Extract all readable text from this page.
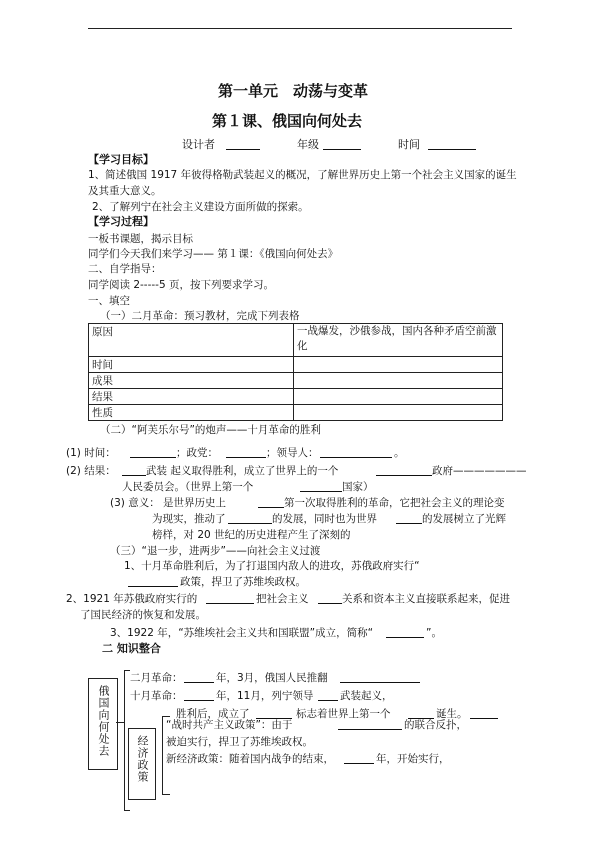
第一单元　动荡与变革
第１课、俄国向何处去
设计者	年级	时间
【学习目标】
1、简述俄国 1917 年彼得格勒武装起义的概况，了解世界历史上第一个社会主义国家的诞生
及其重大意义。
2、了解列宁在社会主义建设方面所做的探索。
【学习过程】
一板书课题，揭示目标
同学们今天我们来学习—— 第１课：《俄国向何处去》
二、自学指导：
同学阅读 2-----5 页，按下列要求学习。
一、填空
（一）二月革命：预习教材，完成下列表格
原因	一战爆发，沙俄参战，国内各种矛盾空前激化
时间	
成果	
结果	
性质	
（二）“阿芙乐尔号”的炮声——十月革命的胜利
(1) 时间：	；政党：	；领导人：	。
(2) 结果：	武装 起义取得胜利，成立了世界上的一个	政府———————
人民委员会。（世界上第一个	国家）
(3) 意义： 是世界历史上	第一次取得胜利的革命，它把社会主义的理论变
为现实，推动了	的发展，同时也为世界	的发展树立了光辉
榜样，对 20 世纪的历史进程产生了深刻的
（三）“退一步，进两步”——向社会主义过渡
1、十月革命胜利后，为了打退国内敌人的进攻，苏俄政府实行“
政策，捍卫了苏维埃政权。
2、1921 年苏俄政府实行的	把社会主义	关系和资本主义直接联系起来，促进
了国民经济的恢复和发展。
3、1922 年，“苏维埃社会主义共和国联盟”成立，简称“	”。
二 知识整合
俄国向何处去
二月革命：	年，3月，俄国人民推翻
十月革命：	年，11月，列宁领导	武装起义，
胜利后，成立了	标志着世界上第一个	诞生。
经济政策
“战时共产主义政策”：由于	的联合反扑，
被迫实行，捍卫了苏维埃政权。
新经济政策：随着国内战争的结束，	年，开始实行，
